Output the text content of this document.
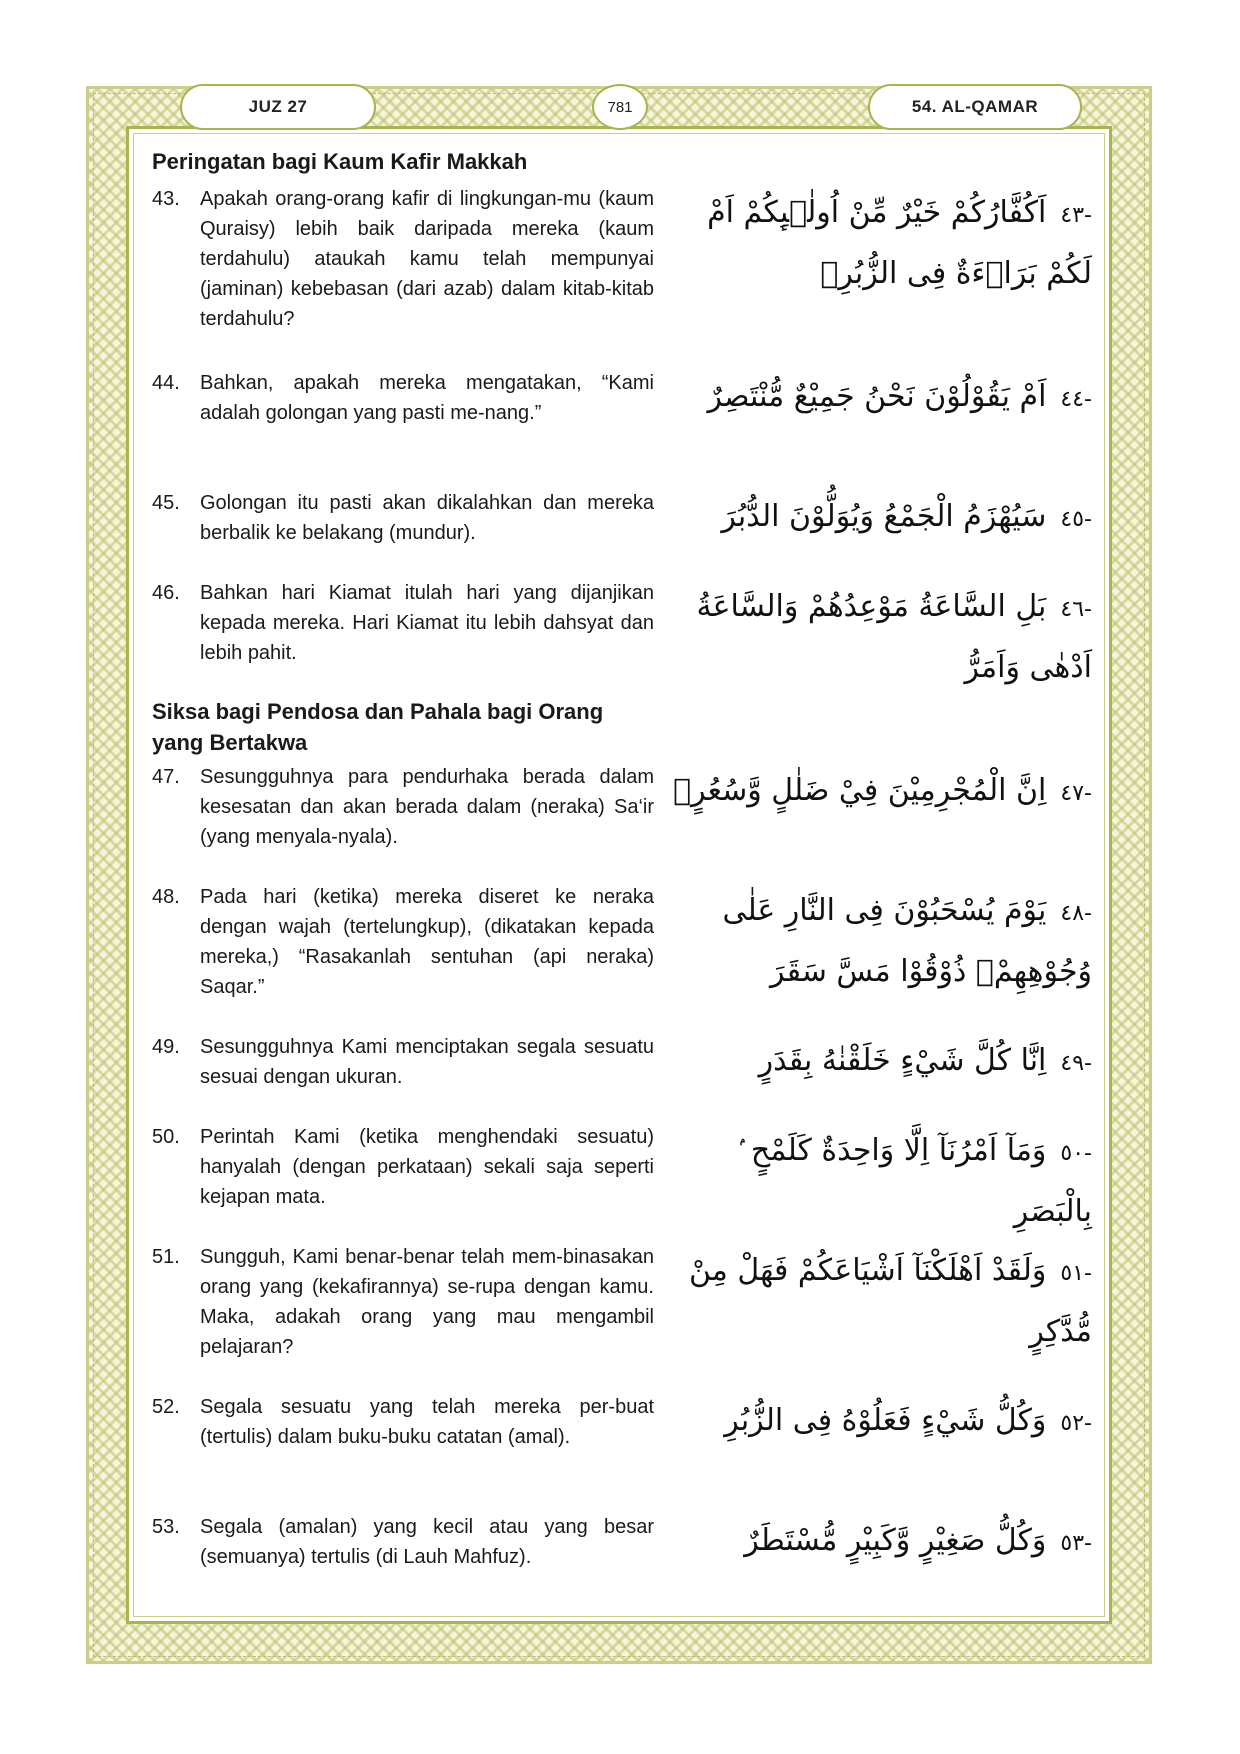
JUZ 27	781	54. AL-QAMAR
Peringatan bagi Kaum Kafir Makkah
43.	Apakah orang-orang kafir di lingkungan-mu (kaum Quraisy) lebih baik daripada mereka (kaum terdahulu) ataukah kamu telah mempunyai (jaminan) kebebasan (dari azab) dalam kitab-kitab terdahulu?
-٤٣اَكُفَّارُكُمْ خَيْرٌ مِّنْ اُولٰۤىِٕكُمْ اَمْ لَكُمْ بَرَاۤءَةٌ فِى الزُّبُرِۚ
44.	Bahkan, apakah mereka mengatakan, “Kami adalah golongan yang pasti me-nang.”
-٤٤اَمْ يَقُوْلُوْنَ نَحْنُ جَمِيْعٌ مُّنْتَصِرٌ
45.	Golongan itu pasti akan dikalahkan dan mereka berbalik ke belakang (mundur).
-٤٥سَيُهْزَمُ الْجَمْعُ وَيُوَلُّوْنَ الدُّبُرَ
46.	Bahkan hari Kiamat itulah hari yang dijanjikan kepada mereka. Hari Kiamat itu lebih dahsyat dan lebih pahit.
-٤٦بَلِ السَّاعَةُ مَوْعِدُهُمْ وَالسَّاعَةُ اَدْهٰى وَاَمَرُّ
Siksa bagi Pendosa dan Pahala bagi Orang yang Bertakwa
47.	Sesungguhnya para pendurhaka berada dalam kesesatan dan akan berada dalam (neraka) Sa‘ir (yang menyala-nyala).
-٤٧اِنَّ الْمُجْرِمِيْنَ فِيْ ضَلٰلٍ وَّسُعُرٍۘ
48.	Pada hari (ketika) mereka diseret ke neraka dengan wajah (tertelungkup), (dikatakan kepada mereka,) “Rasakanlah sentuhan (api neraka) Saqar.”
-٤٨يَوْمَ يُسْحَبُوْنَ فِى النَّارِ عَلٰى وُجُوْهِهِمْۗ ذُوْقُوْا مَسَّ سَقَرَ
49.	Sesungguhnya Kami menciptakan segala sesuatu sesuai dengan ukuran.
-٤٩اِنَّا كُلَّ شَيْءٍ خَلَقْنٰهُ بِقَدَرٍ
50.	Perintah Kami (ketika menghendaki sesuatu) hanyalah (dengan perkataan) sekali saja seperti kejapan mata.
-٥٠وَمَآ اَمْرُنَآ اِلَّا وَاحِدَةٌ كَلَمْحٍ ۢ بِالْبَصَرِ
51.	Sungguh, Kami benar-benar telah mem-binasakan orang yang (kekafirannya) se-rupa dengan kamu. Maka, adakah orang yang mau mengambil pelajaran?
-٥١وَلَقَدْ اَهْلَكْنَآ اَشْيَاعَكُمْ فَهَلْ مِنْ مُّدَّكِرٍ
52.	Segala sesuatu yang telah mereka per-buat (tertulis) dalam buku-buku catatan (amal).
-٥٢وَكُلُّ شَيْءٍ فَعَلُوْهُ فِى الزُّبُرِ
53.	Segala (amalan) yang kecil atau yang besar (semuanya) tertulis (di Lauh Mahfuz).
-٥٣وَكُلُّ صَغِيْرٍ وَّكَبِيْرٍ مُّسْتَطَرٌ
